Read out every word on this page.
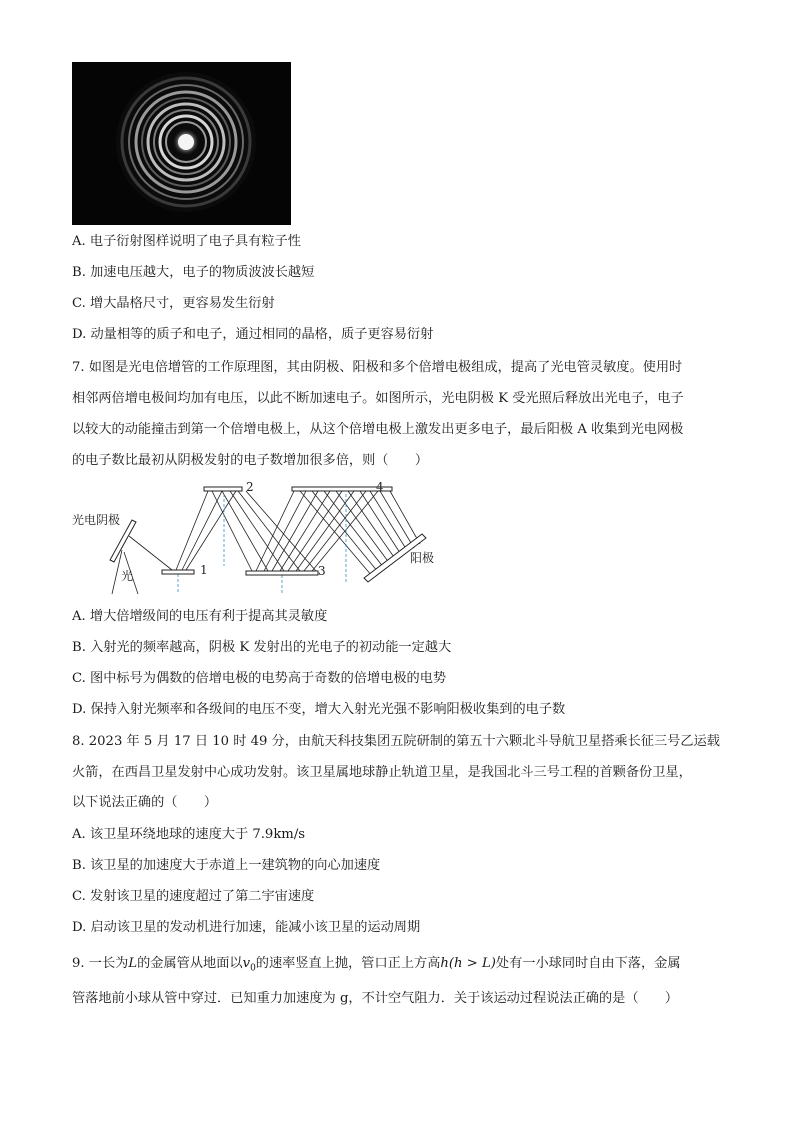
A. 电子衍射图样说明了电子具有粒子性
B. 加速电压越大，电子的物质波波长越短
C. 增大晶格尺寸，更容易发生衍射
D. 动量相等的质子和电子，通过相同的晶格，质子更容易衍射
7. 如图是光电倍增管的工作原理图，其由阴极、阳极和多个倍增电极组成，提高了光电管灵敏度。使用时
相邻两倍增电极间均加有电压，以此不断加速电子。如图所示，光电阴极 K 受光照后释放出光电子，电子
以较大的动能撞击到第一个倍增电极上，从这个倍增电极上激发出更多电子，最后阳极 A 收集到光电网极
的电子数比最初从阴极发射的电子数增加很多倍，则（　　）
光电阴极
光
阳极
1
2
3
4
A. 增大倍增级间的电压有利于提高其灵敏度
B. 入射光的频率越高，阴极 K 发射出的光电子的初动能一定越大
C. 图中标号为偶数的倍增电极的电势高于奇数的倍增电极的电势
D. 保持入射光频率和各级间的电压不变，增大入射光光强不影响阳极收集到的电子数
8. 2023 年 5 月 17 日 10 时 49 分，由航天科技集团五院研制的第五十六颗北斗导航卫星搭乘长征三号乙运载
火箭，在西昌卫星发射中心成功发射。该卫星属地球静止轨道卫星，是我国北斗三号工程的首颗备份卫星，
以下说法正确的（　　）
A. 该卫星环绕地球的速度大于 7.9km/s
B. 该卫星的加速度大于赤道上一建筑物的向心加速度
C. 发射该卫星的速度超过了第二宇宙速度
D. 启动该卫星的发动机进行加速，能减小该卫星的运动周期
9. 一长为L的金属管从地面以$v_0$的速率竖直上抛，管口正上方高h(h > L)处有一小球同时自由下落，金属
管落地前小球从管中穿过．已知重力加速度为 g，不计空气阻力．关于该运动过程说法正确的是（　　）
